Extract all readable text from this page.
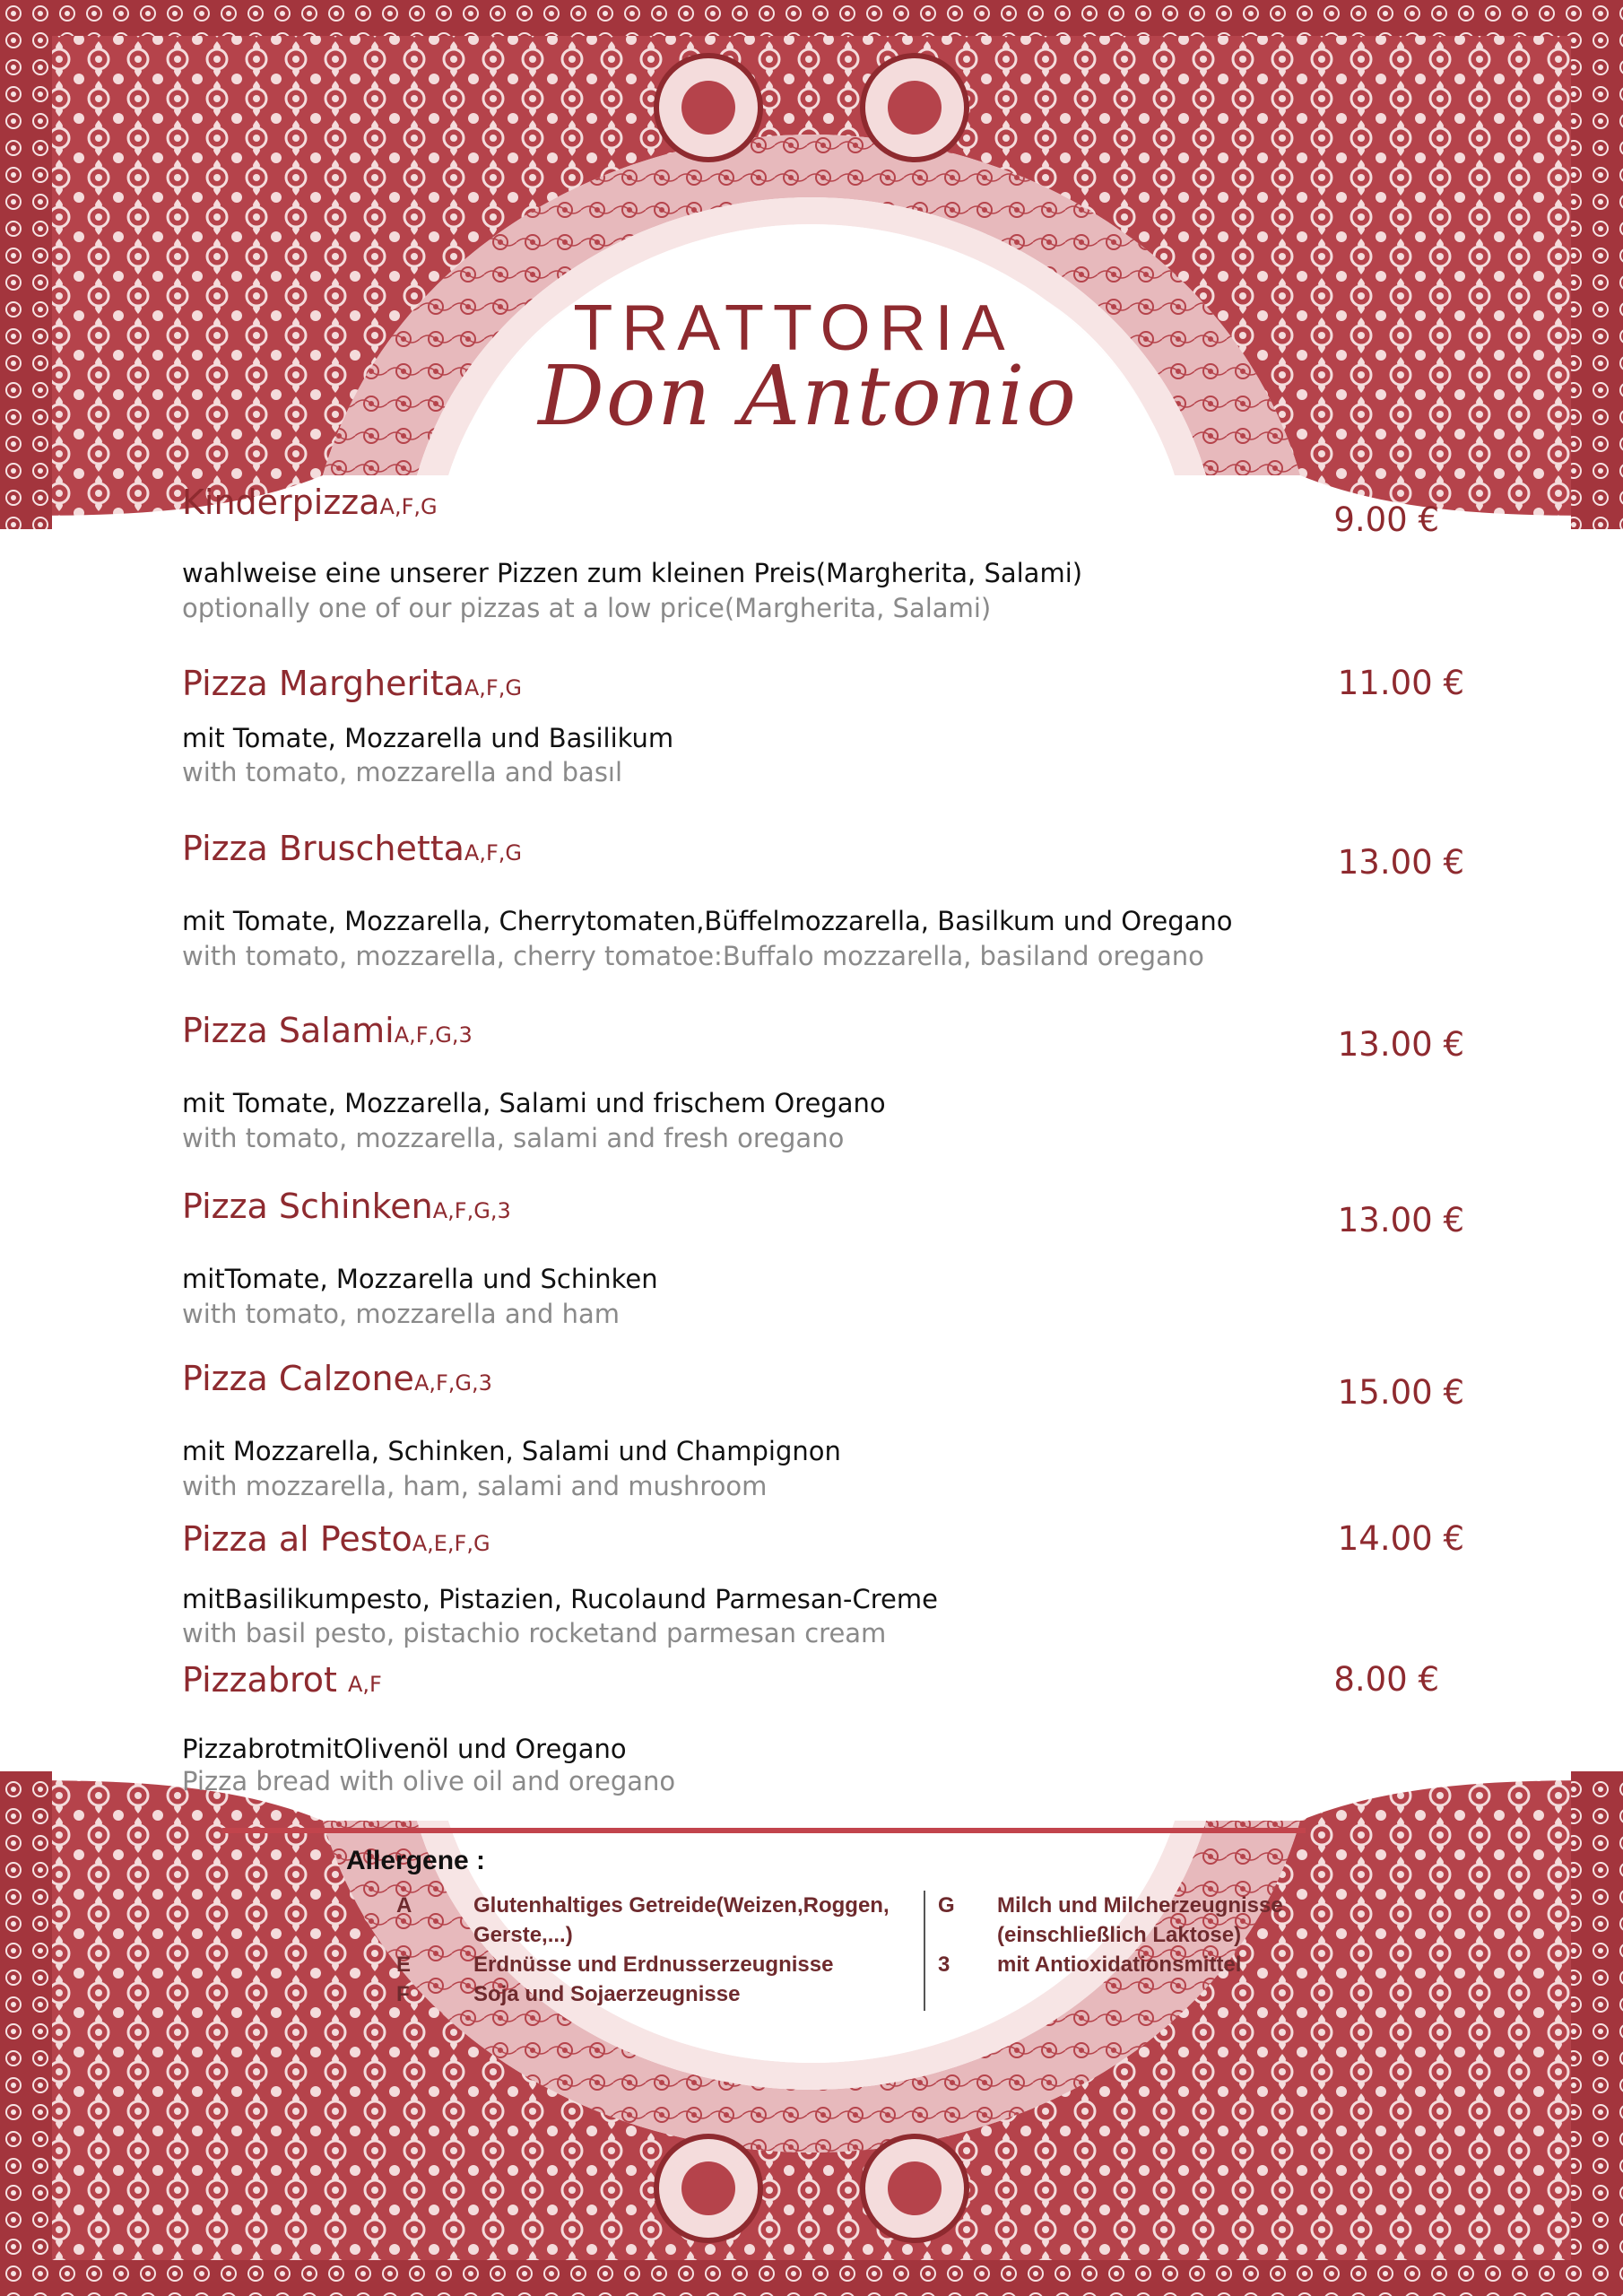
TRATTORIA
Don Antonio
KinderpizzaA,F,G	9.00 €
wahlweise eine unserer Pizzen zum kleinen Preis(Margherita, Salami)
optionally one of our pizzas at a low price(Margherita, Salami)
Pizza MargheritaA,F,G	11.00 €
mit Tomate, Mozzarella und Basilikum
with tomato, mozzarella and basıl
Pizza BruschettaA,F,G	13.00 €
mit Tomate, Mozzarella, Cherrytomaten,Büffelmozzarella, Basilkum und Oregano
with tomato, mozzarella, cherry tomatoe:Buffalo mozzarella, basiland oregano
Pizza SalamiA,F,G,3	13.00 €
mit Tomate, Mozzarella, Salami und frischem Oregano
with tomato, mozzarella, salami and fresh oregano
Pizza SchinkenA,F,G,3	13.00 €
mitTomate, Mozzarella und Schinken
with tomato, mozzarella and ham
Pizza CalzoneA,F,G,3	15.00 €
mit Mozzarella, Schinken, Salami und Champignon
with mozzarella, ham, salami and mushroom
Pizza al PestoA,E,F,G	14.00 €
mitBasilikumpesto, Pistazien, Rucolaund Parmesan-Creme
with basil pesto, pistachio rocketand parmesan cream
Pizzabrot A,F	8.00 €
PizzabrotmitOlivenöl und Oregano
Pizza bread with olive oil and oregano
Allergene :
A	Glutenhaltiges Getreide(Weizen,Roggen,
Gerste,...)
E	Erdnüsse und Erdnusserzeugnisse
F	Soja und Sojaerzeugnisse
G Milch und Milcherzeugnisse
(einschließlich Laktose)
3 mit Antioxidationsmittel
